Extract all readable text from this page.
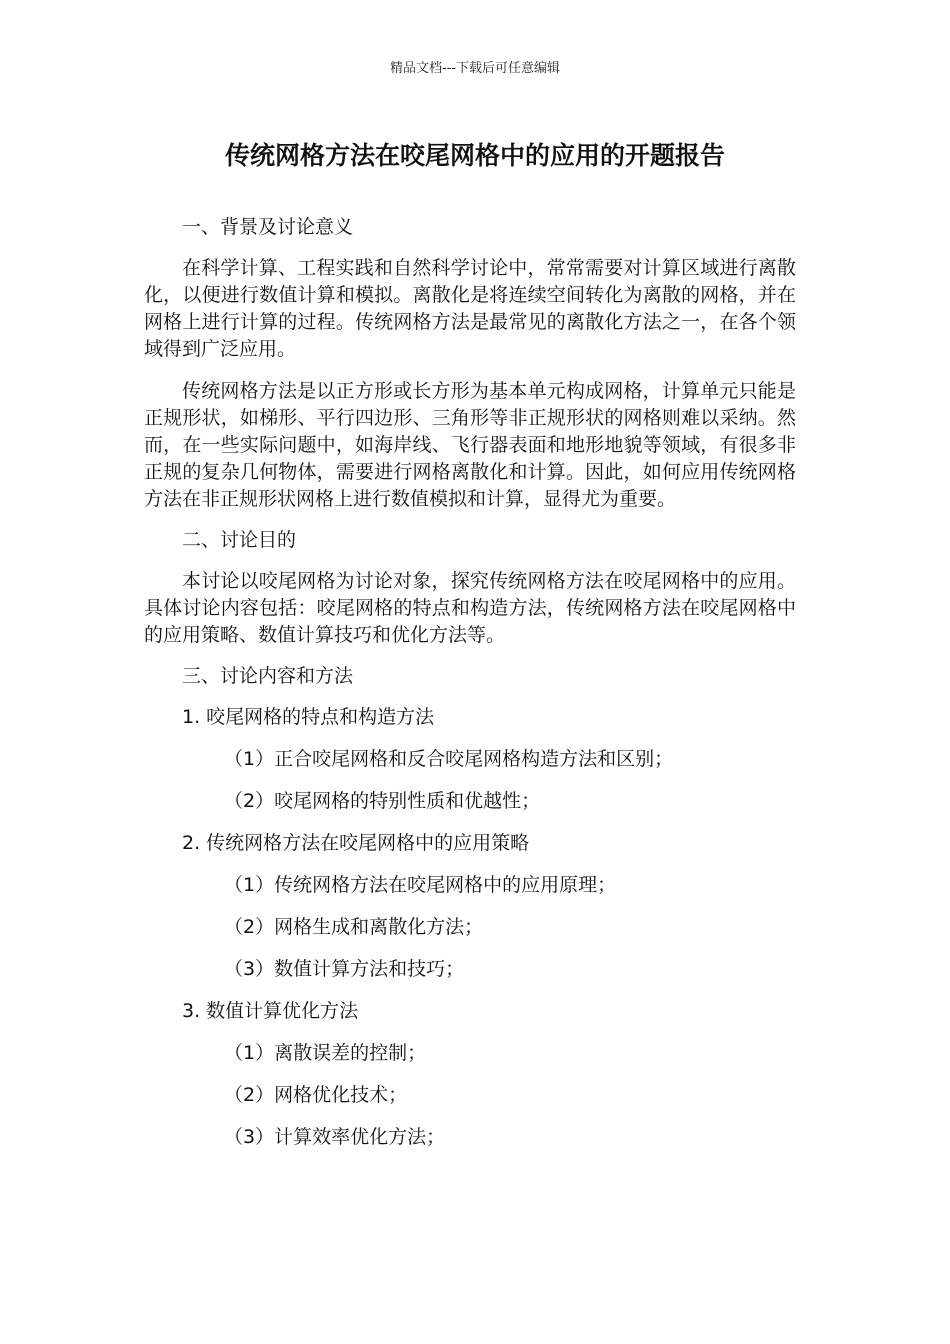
精品文档---下载后可任意编辑
传统网格方法在咬尾网格中的应用的开题报告

一、背景及讨论意义

在科学计算、工程实践和自然科学讨论中，常常需要对计算区域进行离散化，以便进行数值计算和模拟。离散化是将连续空间转化为离散的网格，并在网格上进行计算的过程。传统网格方法是最常见的离散化方法之一，在各个领域得到广泛应用。

传统网格方法是以正方形或长方形为基本单元构成网格，计算单元只能是正规形状，如梯形、平行四边形、三角形等非正规形状的网格则难以采纳。然而，在一些实际问题中，如海岸线、飞行器表面和地形地貌等领域，有很多非正规的复杂几何物体，需要进行网格离散化和计算。因此，如何应用传统网格方法在非正规形状网格上进行数值模拟和计算，显得尤为重要。

二、讨论目的

本讨论以咬尾网格为讨论对象，探究传统网格方法在咬尾网格中的应用。具体讨论内容包括：咬尾网格的特点和构造方法，传统网格方法在咬尾网格中的应用策略、数值计算技巧和优化方法等。

三、讨论内容和方法

1. 咬尾网格的特点和构造方法

（1）正合咬尾网格和反合咬尾网格构造方法和区别；

（2）咬尾网格的特别性质和优越性；

2. 传统网格方法在咬尾网格中的应用策略

（1）传统网格方法在咬尾网格中的应用原理；

（2）网格生成和离散化方法；

（3）数值计算方法和技巧；

3. 数值计算优化方法

（1）离散误差的控制；

（2）网格优化技术；

（3）计算效率优化方法；
